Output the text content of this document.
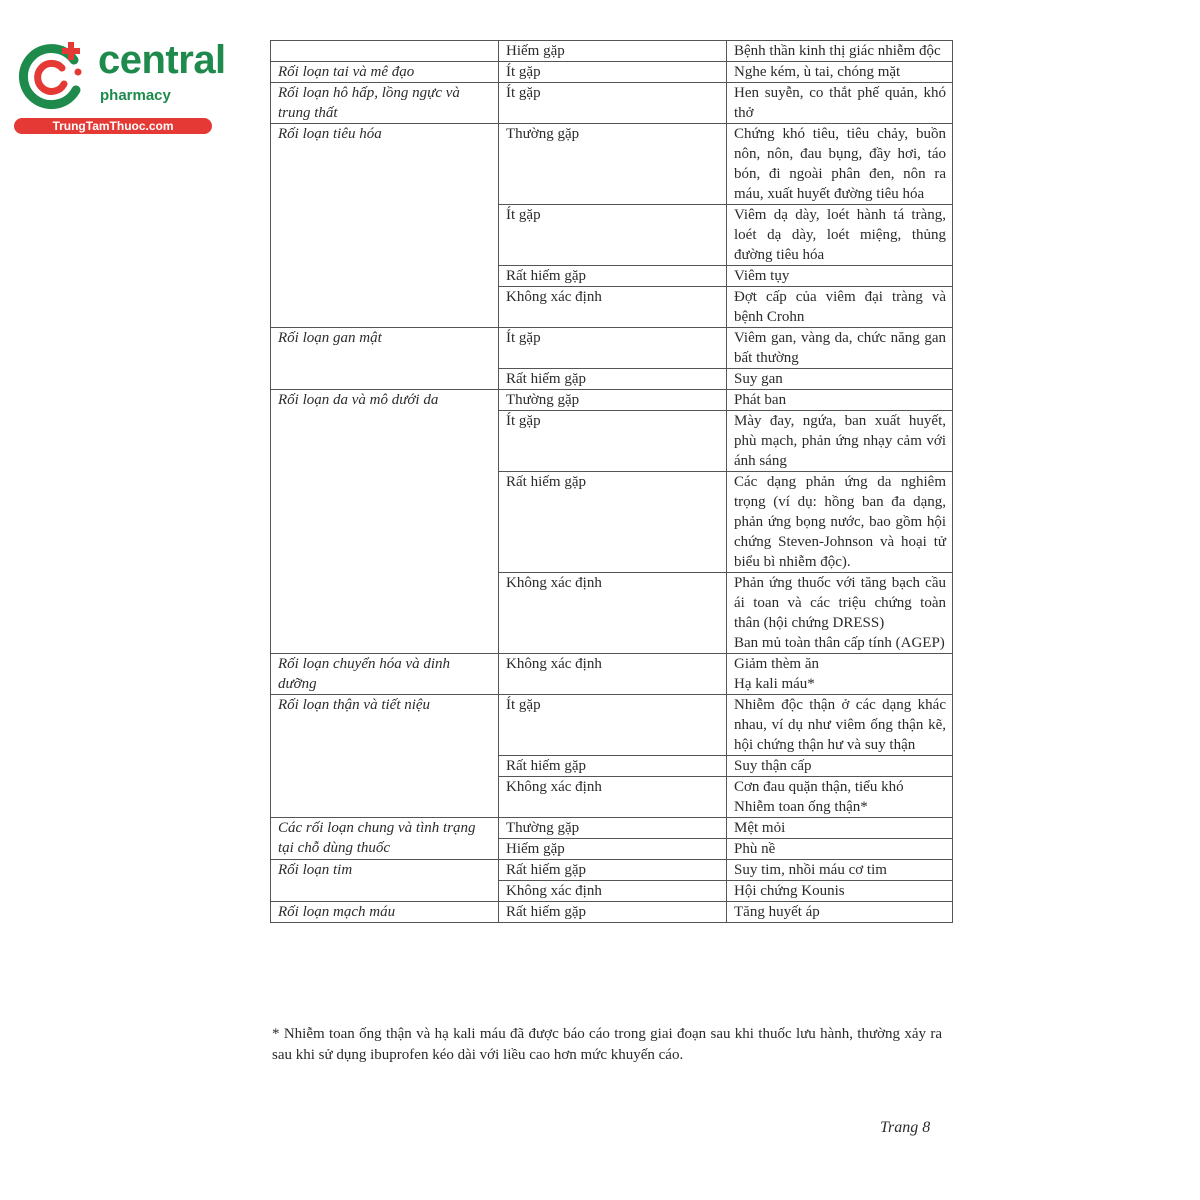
central
pharmacy
TrungTamThuoc.com
	Hiếm gặp	Bệnh thần kinh thị giác nhiễm độc
Rối loạn tai và mê đạo	Ít gặp	Nghe kém, ù tai, chóng mặt
Rối loạn hô hấp, lồng ngực và trung thất	Ít gặp	Hen suyễn, co thắt phế quản, khó thở
Rối loạn tiêu hóa	Thường gặp	Chứng khó tiêu, tiêu chảy, buồn nôn, nôn, đau bụng, đầy hơi, táo bón, đi ngoài phân đen, nôn ra máu, xuất huyết đường tiêu hóa
	Ít gặp	Viêm dạ dày, loét hành tá tràng, loét dạ dày, loét miệng, thủng đường tiêu hóa
	Rất hiếm gặp	Viêm tụy
	Không xác định	Đợt cấp của viêm đại tràng và bệnh Crohn
Rối loạn gan mật	Ít gặp	Viêm gan, vàng da, chức năng gan bất thường
	Rất hiếm gặp	Suy gan
Rối loạn da và mô dưới da	Thường gặp	Phát ban
	Ít gặp	Mày đay, ngứa, ban xuất huyết, phù mạch, phản ứng nhạy cảm với ánh sáng
	Rất hiếm gặp	Các dạng phản ứng da nghiêm trọng (ví dụ: hồng ban đa dạng, phản ứng bọng nước, bao gồm hội chứng Steven-Johnson và hoại tử biểu bì nhiễm độc).
	Không xác định	Phản ứng thuốc với tăng bạch cầu ái toan và các triệu chứng toàn thân (hội chứng DRESS)
Ban mủ toàn thân cấp tính (AGEP)

Rối loạn chuyển hóa và dinh dưỡng	Không xác định	Giảm thèm ăn
Hạ kali máu*

Rối loạn thận và tiết niệu	Ít gặp	Nhiễm độc thận ở các dạng khác nhau, ví dụ như viêm ống thận kẽ, hội chứng thận hư và suy thận
	Rất hiếm gặp	Suy thận cấp
	Không xác định	Cơn đau quặn thận, tiểu khó
Nhiễm toan ống thận*

Các rối loạn chung và tình trạng tại chỗ dùng thuốc	Thường gặp	Mệt mỏi
	Hiếm gặp	Phù nề
Rối loạn tim	Rất hiếm gặp	Suy tim, nhồi máu cơ tim
	Không xác định	Hội chứng Kounis
Rối loạn mạch máu	Rất hiếm gặp	Tăng huyết áp
* Nhiễm toan ống thận và hạ kali máu đã được báo cáo trong giai đoạn sau khi thuốc lưu hành, thường xảy ra sau khi sử dụng ibuprofen kéo dài với liều cao hơn mức khuyến cáo.
Trang 8
